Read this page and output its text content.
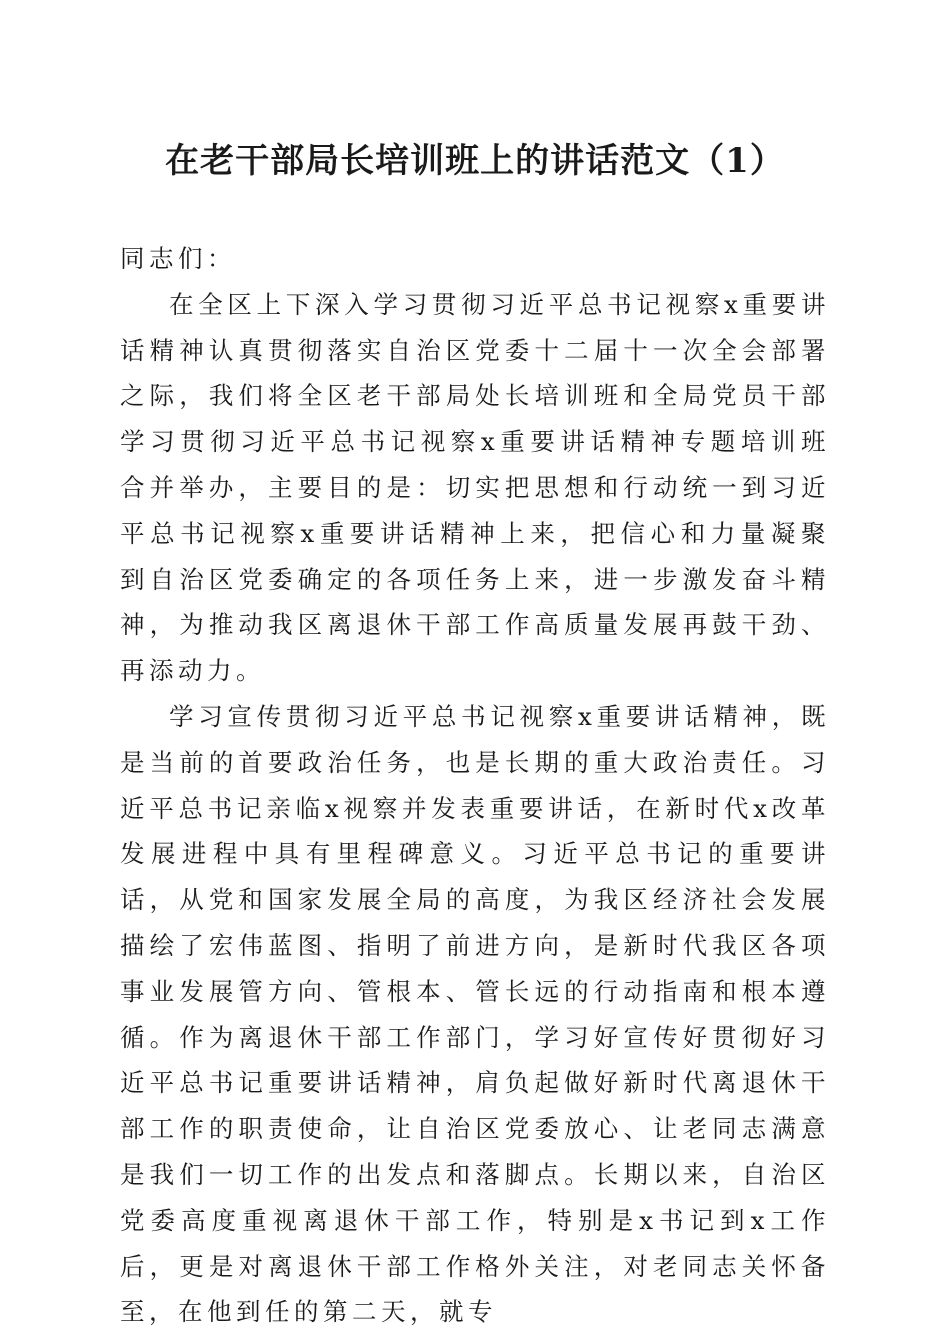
在老干部局长培训班上的讲话范文（1）

同志们：

在全区上下深入学习贯彻习近平总书记视察x重要讲话精神认真贯彻落实自治区党委十二届十一次全会部署之际，我们将全区老干部局处长培训班和全局党员干部学习贯彻习近平总书记视察x重要讲话精神专题培训班合并举办，主要目的是：切实把思想和行动统一到习近平总书记视察x重要讲话精神上来，把信心和力量凝聚到自治区党委确定的各项任务上来，进一步激发奋斗精神，为推动我区离退休干部工作高质量发展再鼓干劲、再添动力。

学习宣传贯彻习近平总书记视察x重要讲话精神，既是当前的首要政治任务，也是长期的重大政治责任。习近平总书记亲临x视察并发表重要讲话，在新时代x改革发展进程中具有里程碑意义。习近平总书记的重要讲话，从党和国家发展全局的高度，为我区经济社会发展描绘了宏伟蓝图、指明了前进方向，是新时代我区各项事业发展管方向、管根本、管长远的行动指南和根本遵循。作为离退休干部工作部门，学习好宣传好贯彻好习近平总书记重要讲话精神，肩负起做好新时代离退休干部工作的职责使命，让自治区党委放心、让老同志满意是我们一切工作的出发点和落脚点。长期以来，自治区党委高度重视离退休干部工作，特别是x书记到x工作后，更是对离退休干部工作格外关注，对老同志关怀备至，在他到任的第二天，就专
